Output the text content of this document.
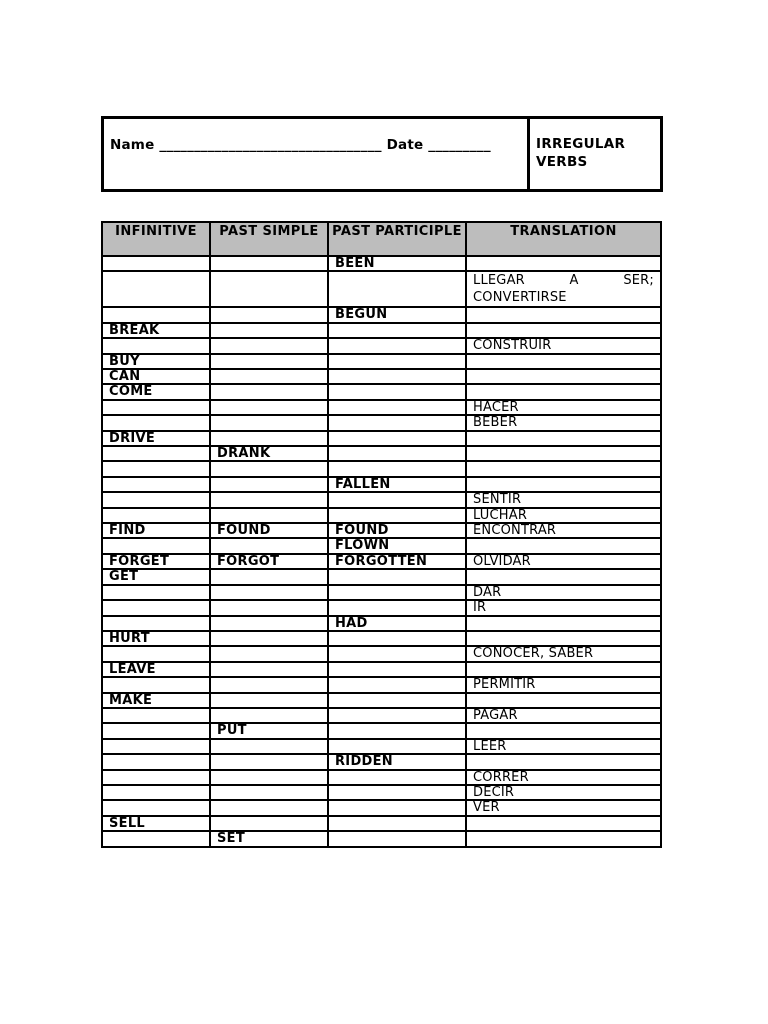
Name ________________________________ Date _________	IRREGULAR VERBS
INFINITIVE	PAST SIMPLE	PAST PARTICIPLE	TRANSLATION
		BEEN	
			LLEGAR A SER; CONVERTIRSE
		BEGUN	
BREAK			
			CONSTRUIR
BUY			
CAN			
COME			
			HACER
			BEBER
DRIVE			
	DRANK		

		FALLEN	
			SENTIR
			LUCHAR
FIND	FOUND	FOUND	ENCONTRAR
		FLOWN	
FORGET	FORGOT	FORGOTTEN	OLVIDAR
GET			
			DAR
			IR
		HAD	
HURT			
			CONOCER, SABER
LEAVE			
			PERMITIR
MAKE			
			PAGAR
	PUT		
			LEER
		RIDDEN	
			CORRER
			DECIR
			VER
SELL			
	SET		
